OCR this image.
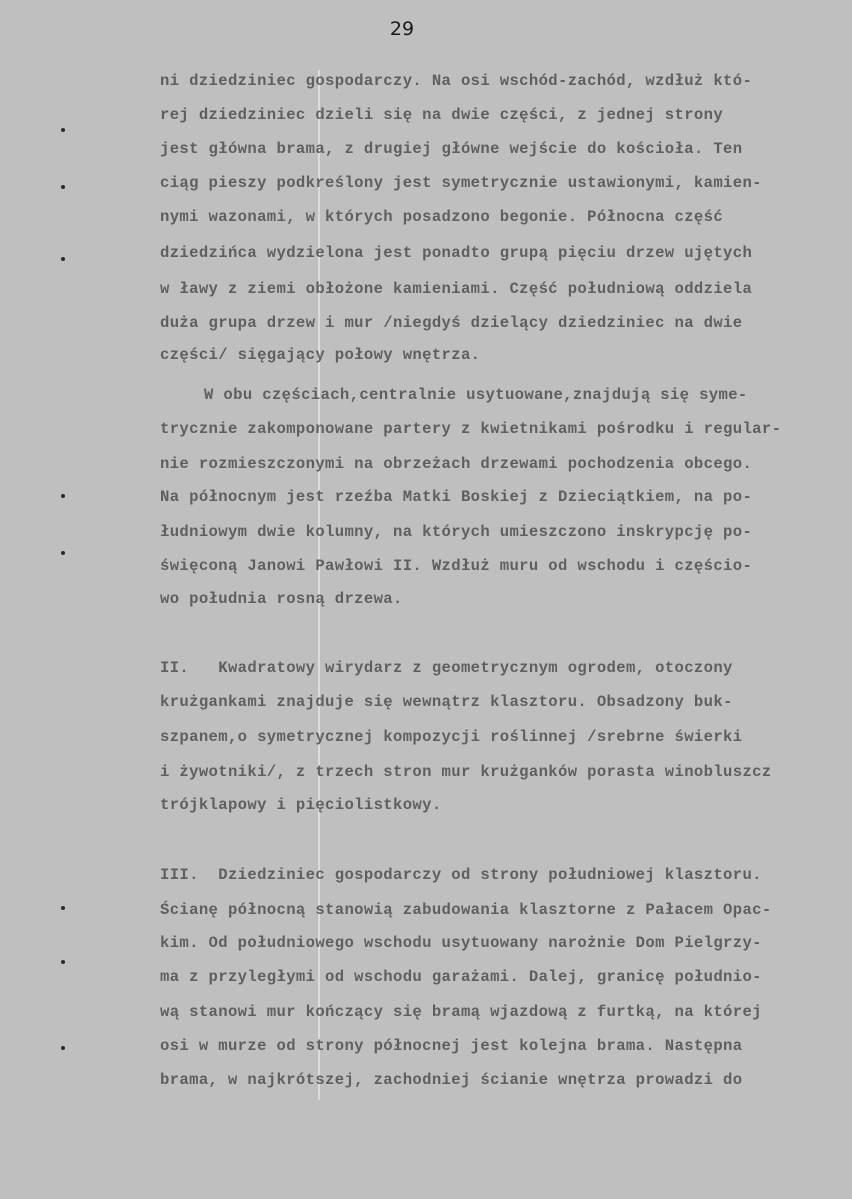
29
ni dziedziniec gospodarczy. Na osi wschód-zachód, wzdłuż któ-
rej dziedziniec dzieli się na dwie części, z jednej strony
jest główna brama, z drugiej główne wejście do kościoła. Ten
ciąg pieszy podkreślony jest symetrycznie ustawionymi, kamien-
nymi wazonami, w których posadzono begonie. Północna część
dziedzińca wydzielona jest ponadto grupą pięciu drzew ujętych
w ławy z ziemi obłożone kamieniami. Część południową oddziela
duża grupa drzew i mur /niegdyś dzielący dziedziniec na dwie
części/ sięgający połowy wnętrza.
W obu częściach,centralnie usytuowane,znajdują się syme-
trycznie zakomponowane partery z kwietnikami pośrodku i regular-
nie rozmieszczonymi na obrzeżach drzewami pochodzenia obcego.
Na północnym jest rzeźba Matki Boskiej z Dzieciątkiem, na po-
łudniowym dwie kolumny, na których umieszczono inskrypcję po-
święconą Janowi Pawłowi II. Wzdłuż muru od wschodu i częścio-
wo południa rosną drzewa.
II.   Kwadratowy wirydarz z geometrycznym ogrodem, otoczony
krużgankami znajduje się wewnątrz klasztoru. Obsadzony buk-
szpanem,o symetrycznej kompozycji roślinnej /srebrne świerki
i żywotniki/, z trzech stron mur krużganków porasta winobluszcz
trójklapowy i pięciolistkowy.
III.  Dziedziniec gospodarczy od strony południowej klasztoru.
Ścianę północną stanowią zabudowania klasztorne z Pałacem Opac-
kim. Od południowego wschodu usytuowany narożnie Dom Pielgrzy-
ma z przyległymi od wschodu garażami. Dalej, granicę południo-
wą stanowi mur kończący się bramą wjazdową z furtką, na której
osi w murze od strony północnej jest kolejna brama. Następna
brama, w najkrótszej, zachodniej ścianie wnętrza prowadzi do
